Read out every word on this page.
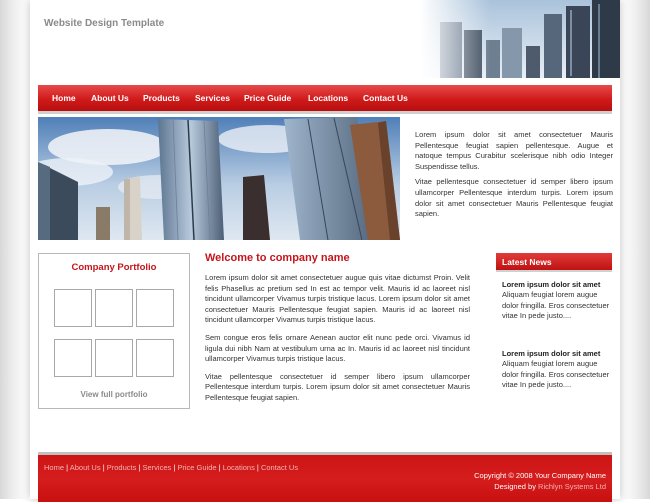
Website Design Template
Home About Us Products Services Price Guide Locations Contact Us

Lorem ipsum dolor sit amet consectetuer Mauris Pellentesque feugiat sapien pellentesque. Augue et natoque tempus Curabitur scelerisque nibh odio Integer Suspendisse tellus.

Vitae pellentesque consectetuer id semper libero ipsum ullamcorper Pellentesque interdum turpis. Lorem ipsum dolor sit amet consectetuer Mauris Pellentesque feugiat sapien.

Company Portfolio
View full portfolio
Welcome to company name

Lorem ipsum dolor sit amet consectetuer augue quis vitae dictumst Proin. Velit felis Phasellus ac pretium sed In est ac tempor velit. Mauris id ac laoreet nisl tincidunt ullamcorper Vivamus turpis tristique lacus. Lorem ipsum dolor sit amet consectetuer Mauris Pellentesque feugiat sapien. Mauris id ac laoreet nisl tincidunt ullamcorper Vivamus turpis tristique lacus.

Sem congue eros felis ornare Aenean auctor elit nunc pede orci. Vivamus id ligula dui nibh Nam at vestibulum urna ac In. Mauris id ac laoreet nisl tincidunt ullamcorper Vivamus turpis tristique lacus.

Vitae pellentesque consectetuer id semper libero ipsum ullamcorper Pellentesque interdum turpis. Lorem ipsum dolor sit amet consectetuer Mauris Pellentesque feugiat sapien.

Latest News
Lorem ipsum dolor sit amet
Aliquam feugiat lorem augue dolor fringilla. Eros consectetuer vitae In pede justo....
Lorem ipsum dolor sit amet
Aliquam feugiat lorem augue dolor fringilla. Eros consectetuer vitae In pede justo....
Home | About Us | Products | Services | Price Guide | Locations | Contact Us
Copyright © 2008 Your Company Name
Designed by Richlyn Systems Ltd
